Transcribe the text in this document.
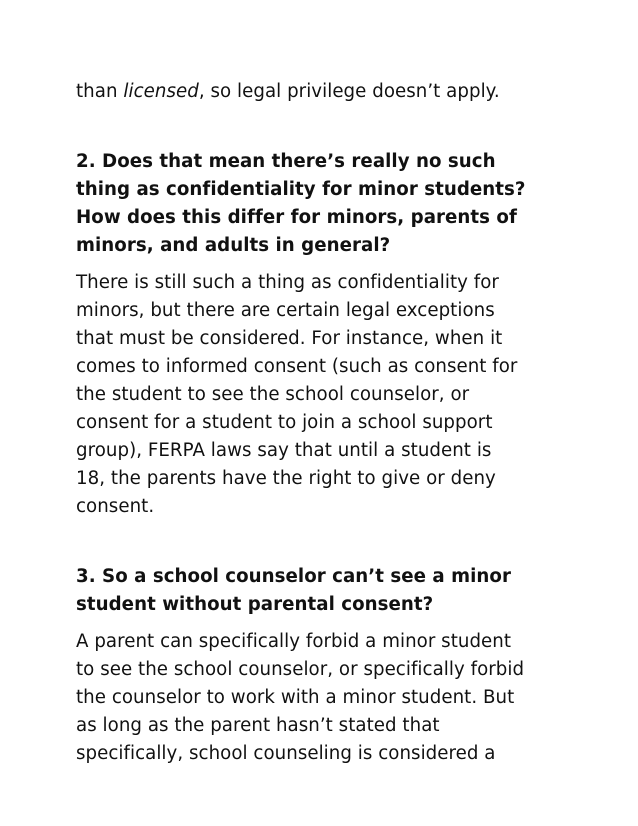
than licensed, so legal privilege doesn’t apply.

2. Does that mean there’s really no such
thing as confidentiality for minor students?
How does this differ for minors, parents of
minors, and adults in general?

There is still such a thing as confidentiality for
minors, but there are certain legal exceptions
that must be considered. For instance, when it
comes to informed consent (such as consent for
the student to see the school counselor, or
consent for a student to join a school support
group), FERPA laws say that until a student is
18, the parents have the right to give or deny
consent.

3. So a school counselor can’t see a minor
student without parental consent?

A parent can specifically forbid a minor student
to see the school counselor, or specifically forbid
the counselor to work with a minor student. But
as long as the parent hasn’t stated that
specifically, school counseling is considered a
